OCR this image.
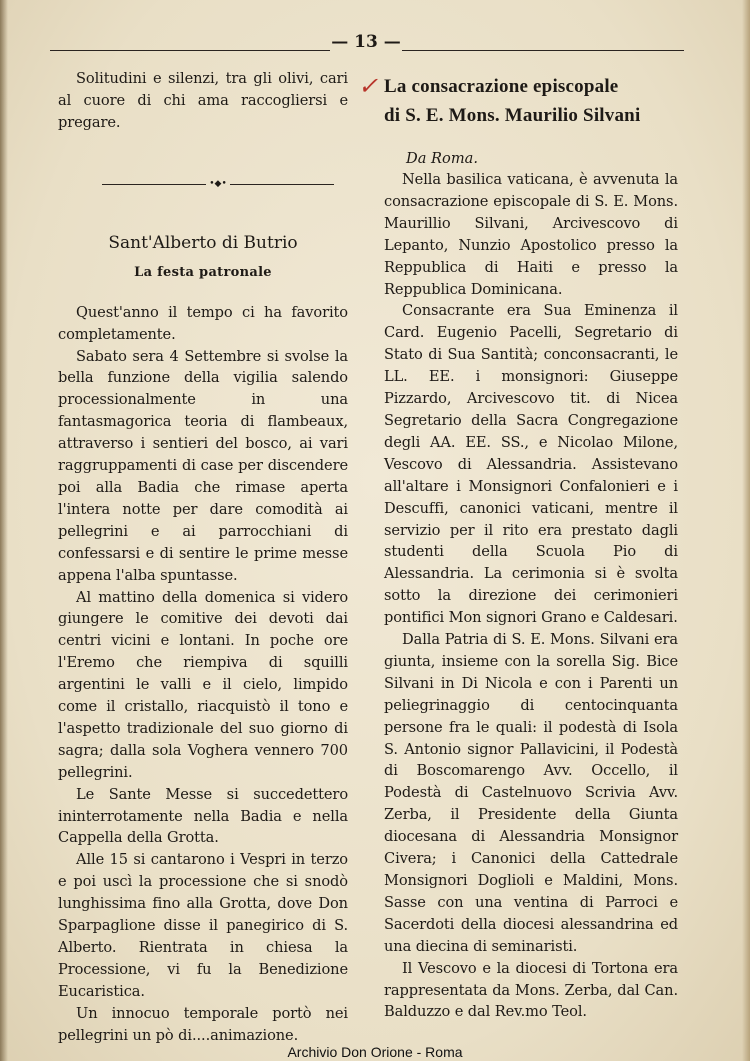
— 13 —

Solitudini e silenzi, tra gli olivi, cari al cuore di chi ama raccogliersi e pregare.

•◆•
Sant'Alberto di Butrio
La festa patronale

Quest'anno il tempo ci ha favorito completamente.

Sabato sera 4 Settembre si svolse la bella funzione della vigilia salendo processionalmente in una fantasmagorica teoria di flambeaux, attraverso i sentieri del bosco, ai vari raggruppamenti di case per discendere poi alla Badia che rimase aperta l'intera notte per dare comodità ai pellegrini e ai parrocchiani di confessarsi e di sentire le prime messe appena l'alba spuntasse.

Al mattino della domenica si videro giungere le comitive dei devoti dai centri vicini e lontani. In poche ore l'Eremo che riempiva di squilli argentini le valli e il cielo, limpido come il cristallo, riacquistò il tono e l'aspetto tradizionale del suo giorno di sagra; dalla sola Voghera vennero 700 pellegrini.

Le Sante Messe si succedettero ininterrotamente nella Badia e nella Cappella della Grotta.

Alle 15 si cantarono i Vespri in terzo e poi uscì la processione che si snodò lunghissima fino alla Grotta, dove Don Sparpaglione disse il panegirico di S. Alberto. Rientrata in chiesa la Processione, vi fu la Benedizione Eucaristica.

Un innocuo temporale portò nei pellegrini un pò di....animazione.

✓ La consacrazione episcopale
di S. E. Mons. Maurilio Silvani
Da Roma.

Nella basilica vaticana, è avvenuta la consacrazione episcopale di S. E. Mons. Maurillio Silvani, Arcivescovo di Lepanto, Nunzio Apostolico presso la Reppublica di Haiti e presso la Reppublica Dominicana.

Consacrante era Sua Eminenza il Card. Eugenio Pacelli, Segretario di Stato di Sua Santità; conconsacranti, le LL. EE. i monsignori: Giuseppe Pizzardo, Arcivescovo tit. di Nicea Segretario della Sacra Congregazione degli AA. EE. SS., e Nicolao Milone, Vescovo di Alessandria. Assistevano all'altare i Monsignori Confalonieri e i Descuffi, canonici vaticani, mentre il servizio per il rito era prestato dagli studenti della Scuola Pio di Alessandria. La cerimonia si è svolta sotto la direzione dei cerimonieri pontifici Mon signori Grano e Caldesari.

Dalla Patria di S. E. Mons. Silvani era giunta, insieme con la sorella Sig. Bice Silvani in Di Nicola e con i Parenti un peliegrinaggio di centocinquanta persone fra le quali: il podestà di Isola S. Antonio signor Pallavicini, il Podestà di Boscomarengo Avv. Occello, il Podestà di Castelnuovo Scrivia Avv. Zerba, il Presidente della Giunta diocesana di Alessandria Monsignor Civera; i Canonici della Cattedrale Monsignori Doglioli e Maldini, Mons. Sasse con una ventina di Parroci e Sacerdoti della diocesi alessandrina ed una diecina di seminaristi.

Il Vescovo e la diocesi di Tortona era rappresentata da Mons. Zerba, dal Can. Balduzzo e dal Rev.mo Teol.

Archivio Don Orione - Roma
